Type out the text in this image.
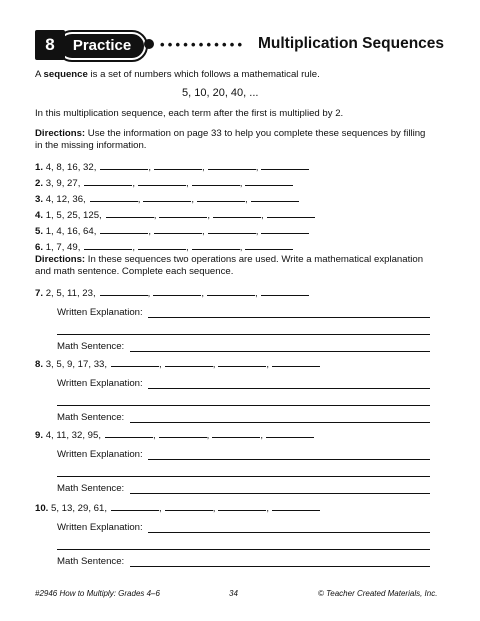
Practice
8	••••••••••• Multiplication Sequences
A sequence is a set of numbers which follows a mathematical rule.
5, 10, 20, 40, ...
In this multiplication sequence, each term after the first is multiplied by 2.
Directions: Use the information on page 33 to help you complete these sequences by filling
in the missing information.
1. 4, 8, 16, 32,	,	,	,
2. 3, 9, 27,	,	,	,
3. 4, 12, 36,	,	,	,
4. 1, 5, 25, 125,	,	,	,
5. 1, 4, 16, 64,	,	,	,
6. 1, 7, 49,	,	,	,
Directions: In these sequences two operations are used. Write a mathematical explanation
and math sentence. Complete each sequence.
7. 2, 5, 11, 23,	,	,	,
Written Explanation:
Math Sentence:
8. 3, 5, 9, 17, 33,	,	,	,
Written Explanation:
Math Sentence:
9. 4, 11, 32, 95,	,	,	,
Written Explanation:
Math Sentence:
10. 5, 13, 29, 61,	,	,	,
Written Explanation:
Math Sentence:
#2946 How to Multiply: Grades 4–6	34	© Teacher Created Materials, Inc.
